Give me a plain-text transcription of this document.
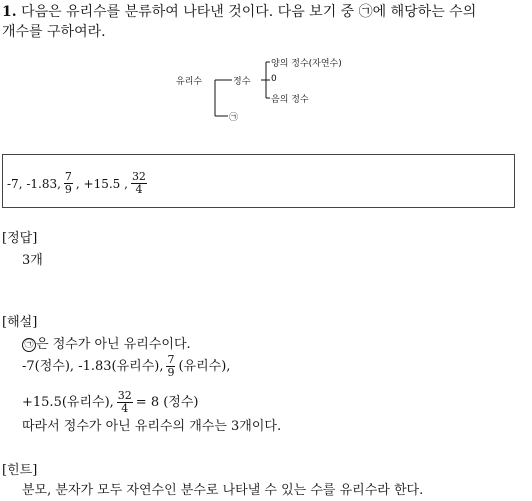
1. 다음은 유리수를 분류하여 나타낸 것이다. 다음 보기 중 ㉠에 해당하는 수의
개수를 구하여라.
유리수	정수
양의 정수(자연수)
0
음의 정수
㉠
-7, -1.83, $\frac{7}{9}$ , +15.5 , $\frac{32}{4}$
[정답]
3개
[해설]
㉠ 은 정수가 아닌 유리수이다.
-7(정수), -1.83(유리수), $\frac{7}{9}$ (유리수),
+15.5(유리수), $\frac{32}{4} = 8$ (정수)
따라서 정수가 아닌 유리수의 개수는 3개이다.
[힌트]
분모, 분자가 모두 자연수인 분수로 나타낼 수 있는 수를 유리수라 한다.
